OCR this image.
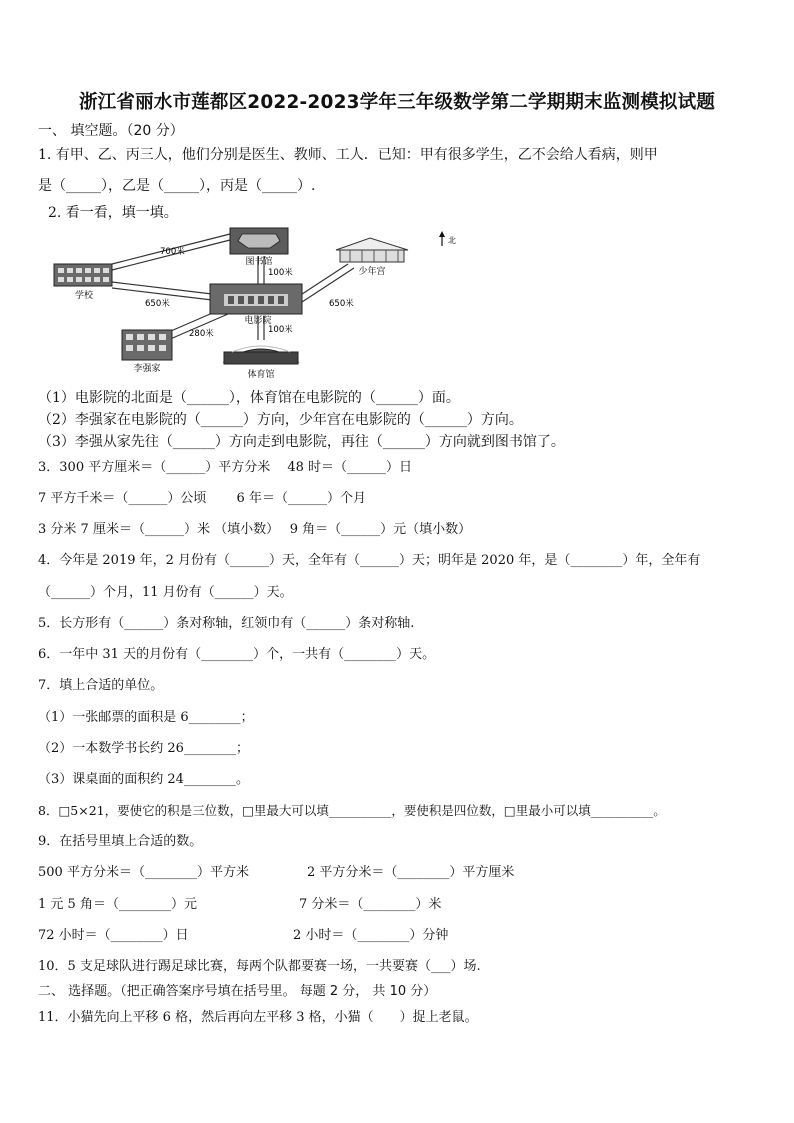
浙江省丽水市莲都区2022-2023学年三年级数学第二学期期末监测模拟试题
一、 填空题。（20 分）
1. 有甲、乙、丙三人，他们分别是医生、教师、工人．已知：甲有很多学生，乙不会给人看病，则甲
是（_____），乙是（_____），丙是（_____）.
2. 看一看，填一填。
学校
图书馆
少年宫
北
电影院
李强家
体育馆
700米
100米
650米	650米
280米	100米
（1）电影院的北面是（______），体育馆在电影院的（______）面。
（2）李强家在电影院的（______）方向，少年宫在电影院的（______）方向。
（3）李强从家先往（______）方向走到电影院，再往（______）方向就到图书馆了。
3．300 平方厘米＝（______）平方分米　 48 时＝（______）日
7 平方千米＝（______）公顷　　 6 年＝（______）个月
3 分米 7 厘米＝（______）米 （填小数）　 9 角＝（______）元（填小数）
4．今年是 2019 年，2 月份有（______）天，全年有（______）天；明年是 2020 年，是（________）年，全年有
（______）个月，11 月份有（______）天。
5．长方形有（______）条对称轴，红领巾有（______）条对称轴.
6．一年中 31 天的月份有（________）个，一共有（________）天。
7．填上合适的单位。
（1）一张邮票的面积是 6________；
（2）一本数学书长约 26________；
（3）课桌面的面积约 24________。
8．□5×21，要使它的积是三位数，□里最大可以填__________，要使积是四位数，□里最小可以填__________。
9．在括号里填上合适的数。
500 平方分米＝（________）平方米	2 平方分米＝（________）平方厘米
1 元 5 角＝（________）元	7 分米＝（________）米
72 小时＝（________）日	2 小时＝（________）分钟
10．5 支足球队进行踢足球比赛，每两个队都要赛一场，一共要赛（___）场.
二、 选择题。（把正确答案序号填在括号里。 每题 2 分， 共 10 分）
11．小猫先向上平移 6 格，然后再向左平移 3 格，小猫（　　）捉上老鼠。
